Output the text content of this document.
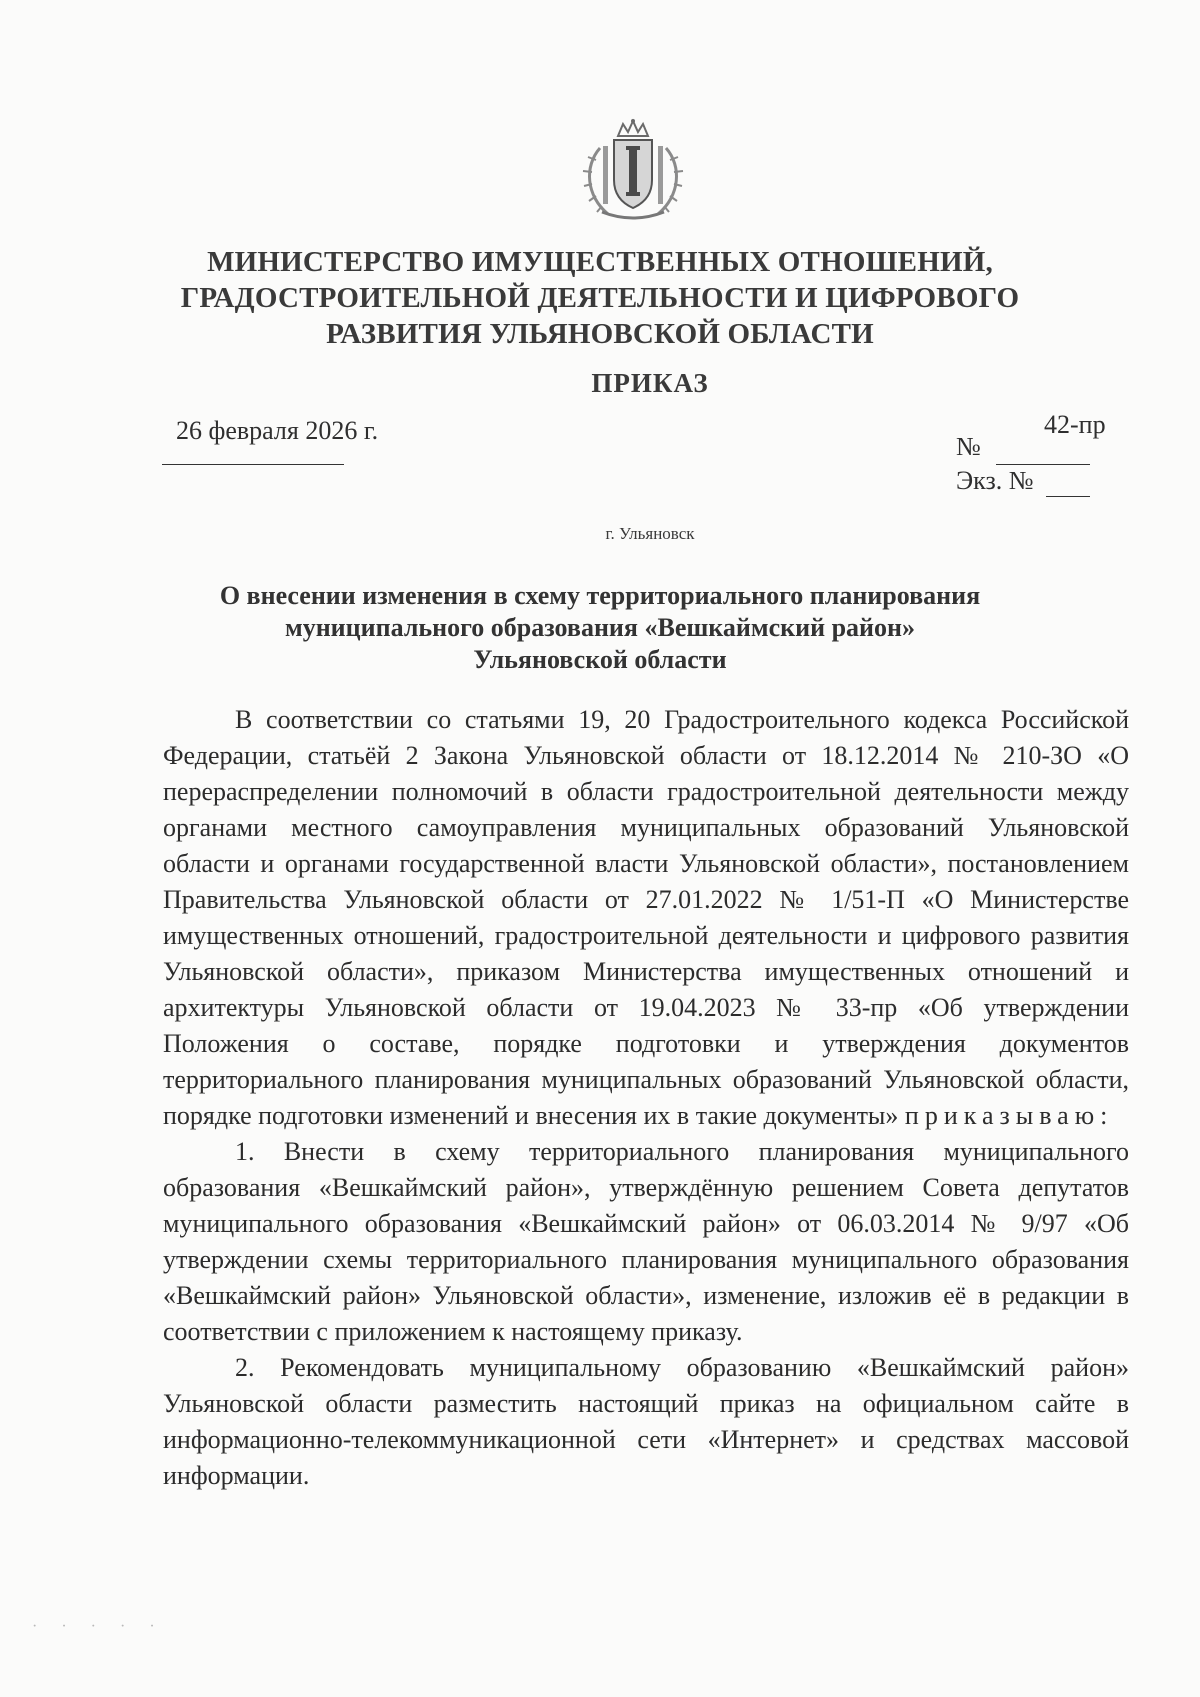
МИНИСТЕРСТВО ИМУЩЕСТВЕННЫХ ОТНОШЕНИЙ,
ГРАДОСТРОИТЕЛЬНОЙ ДЕЯТЕЛЬНОСТИ И ЦИФРОВОГО
РАЗВИТИЯ УЛЬЯНОВСКОЙ ОБЛАСТИ
ПРИКАЗ
26 февраля 2026 г.	42-пр
№
Экз. №
г. Ульяновск
О внесении изменения в схему территориального планирования
муниципального образования «Вешкаймский район»
Ульяновской области

В соответствии со статьями 19, 20 Градостроительного кодекса Российской Федерации, статьёй 2 Закона Ульяновской области от 18.12.2014 № 210-ЗО «О перераспределении полномочий в области градостроительной деятельности между органами местного самоуправления муниципальных образований Ульяновской области и органами государственной власти Ульяновской области», постановлением Правительства Ульяновской области от 27.01.2022 № 1/51-П «О Министерстве имущественных отношений, градостроительной деятельности и цифрового развития Ульяновской области», приказом Министерства имущественных отношений и архитектуры Ульяновской области от 19.04.2023 № 33-пр «Об утверждении Положения о составе, порядке подготовки и утверждения документов территориального планирования муниципальных образований Ульяновской области, порядке подготовки изменений и внесения их в такие документы» приказываю:

1. Внести в схему территориального планирования муниципального образования «Вешкаймский район», утверждённую решением Совета депутатов муниципального образования «Вешкаймский район» от 06.03.2014 № 9/97 «Об утверждении схемы территориального планирования муниципального образования «Вешкаймский район» Ульяновской области», изменение, изложив её в редакции в соответствии с приложением к настоящему приказу.

2. Рекомендовать муниципальному образованию «Вешкаймский район» Ульяновской области разместить настоящий приказ на официальном сайте в информационно-телекоммуникационной сети «Интернет» и средствах массовой информации.

· · · · ·
